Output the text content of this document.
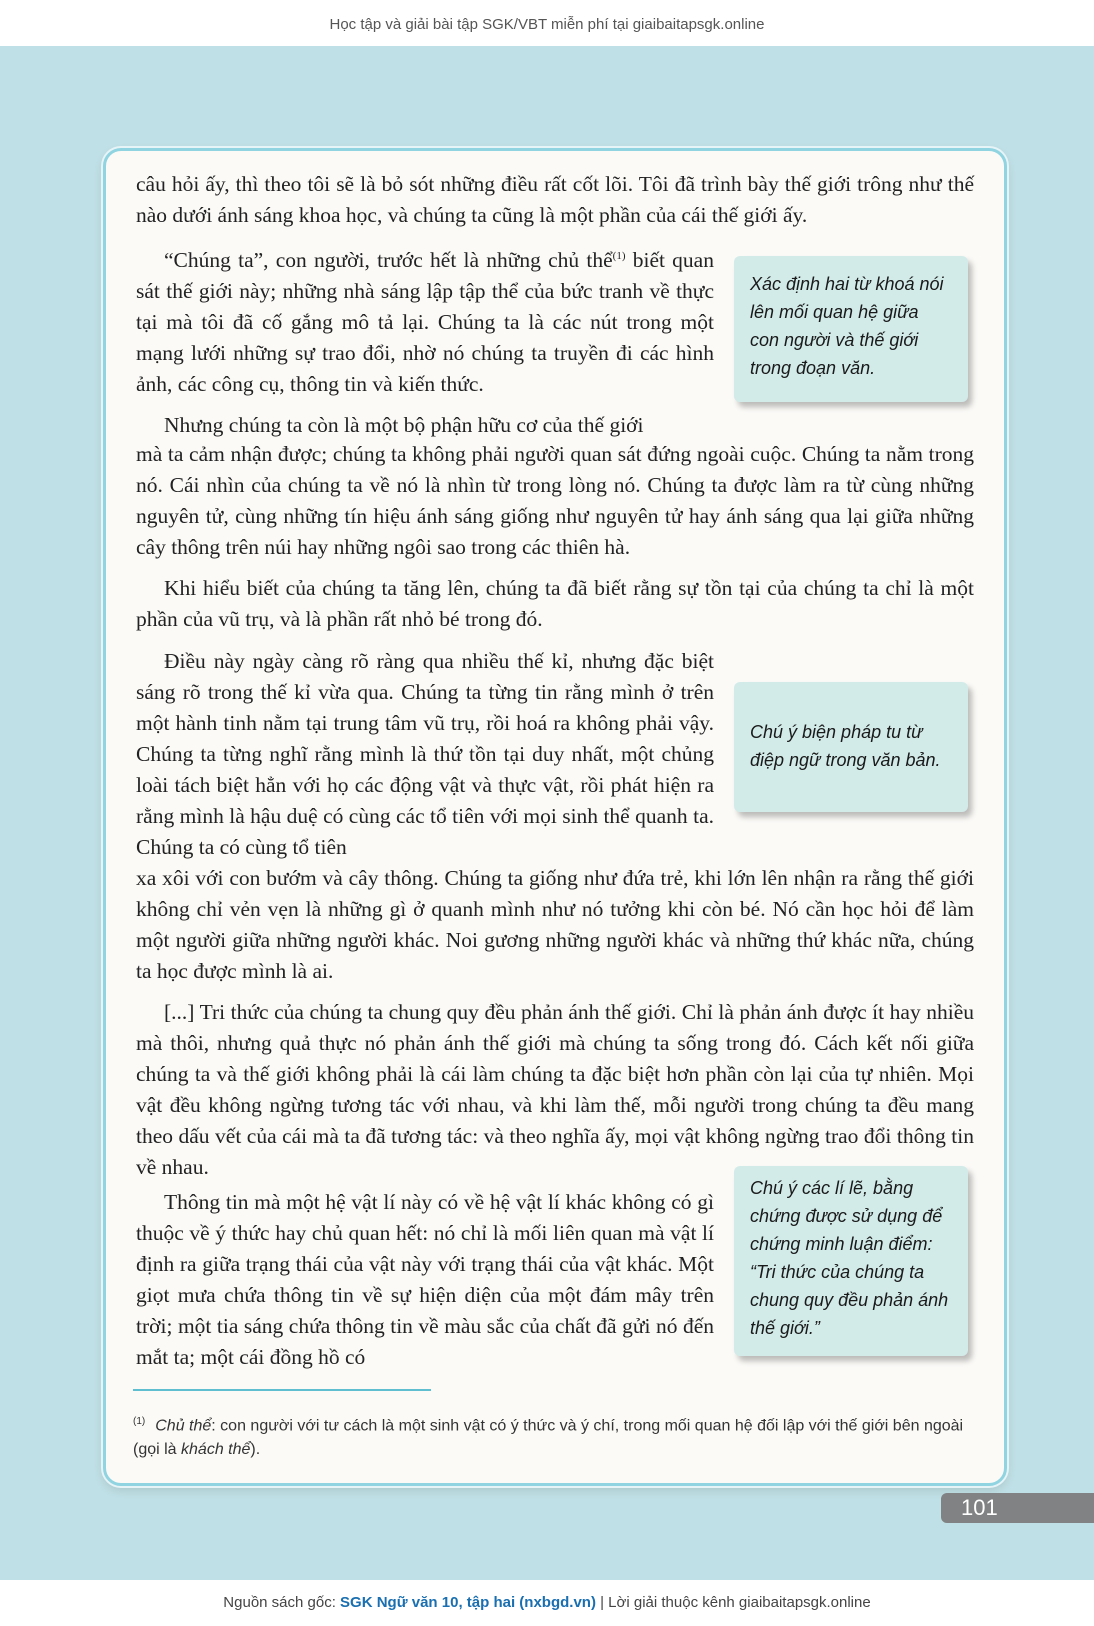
Học tập và giải bài tập SGK/VBT miễn phí tại giaibaitapsgk.online

câu hỏi ấy, thì theo tôi sẽ là bỏ sót những điều rất cốt lõi. Tôi đã trình bày thế giới trông như thế nào dưới ánh sáng khoa học, và chúng ta cũng là một phần của cái thế giới ấy.

“Chúng ta”, con người, trước hết là những chủ thể$^{(1)}$ biết quan sát thế giới này; những nhà sáng lập tập thể của bức tranh về thực tại mà tôi đã cố gắng mô tả lại. Chúng ta là các nút trong một mạng lưới những sự trao đổi, nhờ nó chúng ta truyền đi các hình ảnh, các công cụ, thông tin và kiến thức.

Nhưng chúng ta còn là một bộ phận hữu cơ của thế giới

mà ta cảm nhận được; chúng ta không phải người quan sát đứng ngoài cuộc. Chúng ta nằm trong nó. Cái nhìn của chúng ta về nó là nhìn từ trong lòng nó. Chúng ta được làm ra từ cùng những nguyên tử, cùng những tín hiệu ánh sáng giống như nguyên tử hay ánh sáng qua lại giữa những cây thông trên núi hay những ngôi sao trong các thiên hà.

Khi hiểu biết của chúng ta tăng lên, chúng ta đã biết rằng sự tồn tại của chúng ta chỉ là một phần của vũ trụ, và là phần rất nhỏ bé trong đó.

Điều này ngày càng rõ ràng qua nhiều thế kỉ, nhưng đặc biệt sáng rõ trong thế kỉ vừa qua. Chúng ta từng tin rằng mình ở trên một hành tinh nằm tại trung tâm vũ trụ, rồi hoá ra không phải vậy. Chúng ta từng nghĩ rằng mình là thứ tồn tại duy nhất, một chủng loài tách biệt hẳn với họ các động vật và thực vật, rồi phát hiện ra rằng mình là hậu duệ có cùng các tổ tiên với mọi sinh thể quanh ta. Chúng ta có cùng tổ tiên

xa xôi với con bướm và cây thông. Chúng ta giống như đứa trẻ, khi lớn lên nhận ra rằng thế giới không chỉ vẻn vẹn là những gì ở quanh mình như nó tưởng khi còn bé. Nó cần học hỏi để làm một người giữa những người khác. Noi gương những người khác và những thứ khác nữa, chúng ta học được mình là ai.

[...] Tri thức của chúng ta chung quy đều phản ánh thế giới. Chỉ là phản ánh được ít hay nhiều mà thôi, nhưng quả thực nó phản ánh thế giới mà chúng ta sống trong đó. Cách kết nối giữa chúng ta và thế giới không phải là cái làm chúng ta đặc biệt hơn phần còn lại của tự nhiên. Mọi vật đều không ngừng tương tác với nhau, và khi làm thế, mỗi người trong chúng ta đều mang theo dấu vết của cái mà ta đã tương tác: và theo nghĩa ấy, mọi vật không ngừng trao đổi thông tin về nhau.

Thông tin mà một hệ vật lí này có về hệ vật lí khác không có gì thuộc về ý thức hay chủ quan hết: nó chỉ là mối liên quan mà vật lí định ra giữa trạng thái của vật này với trạng thái của vật khác. Một giọt mưa chứa thông tin về sự hiện diện của một đám mây trên trời; một tia sáng chứa thông tin về màu sắc của chất đã gửi nó đến mắt ta; một cái đồng hồ có

Xác định hai từ khoá nói lên mối quan hệ giữa con người và thế giới trong đoạn văn.
Chú ý biện pháp tu từ điệp ngữ trong văn bản.
Chú ý các lí lẽ, bằng chứng được sử dụng để chứng minh luận điểm: “Tri thức của chúng ta chung quy đều phản ánh thế giới.”
$^{(1)}$ Chủ thể: con người với tư cách là một sinh vật có ý thức và ý chí, trong mối quan hệ đối lập với thế giới bên ngoài (gọi là khách thể).
101
Nguồn sách gốc: SGK Ngữ văn 10, tập hai (nxbgd.vn) | Lời giải thuộc kênh giaibaitapsgk.online
